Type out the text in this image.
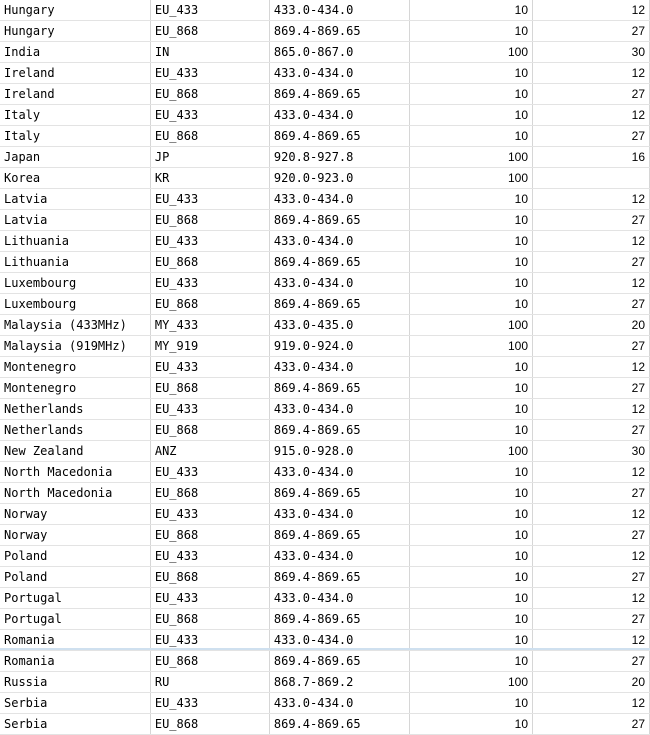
Hungary	EU_433	433.0-434.0	10	12
Hungary	EU_868	869.4-869.65	10	27
India	IN	865.0-867.0	100	30
Ireland	EU_433	433.0-434.0	10	12
Ireland	EU_868	869.4-869.65	10	27
Italy	EU_433	433.0-434.0	10	12
Italy	EU_868	869.4-869.65	10	27
Japan	JP	920.8-927.8	100	16
Korea	KR	920.0-923.0	100	
Latvia	EU_433	433.0-434.0	10	12
Latvia	EU_868	869.4-869.65	10	27
Lithuania	EU_433	433.0-434.0	10	12
Lithuania	EU_868	869.4-869.65	10	27
Luxembourg	EU_433	433.0-434.0	10	12
Luxembourg	EU_868	869.4-869.65	10	27
Malaysia (433MHz)	MY_433	433.0-435.0	100	20
Malaysia (919MHz)	MY_919	919.0-924.0	100	27
Montenegro	EU_433	433.0-434.0	10	12
Montenegro	EU_868	869.4-869.65	10	27
Netherlands	EU_433	433.0-434.0	10	12
Netherlands	EU_868	869.4-869.65	10	27
New Zealand	ANZ	915.0-928.0	100	30
North Macedonia	EU_433	433.0-434.0	10	12
North Macedonia	EU_868	869.4-869.65	10	27
Norway	EU_433	433.0-434.0	10	12
Norway	EU_868	869.4-869.65	10	27
Poland	EU_433	433.0-434.0	10	12
Poland	EU_868	869.4-869.65	10	27
Portugal	EU_433	433.0-434.0	10	12
Portugal	EU_868	869.4-869.65	10	27
Romania	EU_433	433.0-434.0	10	12
Romania	EU_868	869.4-869.65	10	27
Russia	RU	868.7-869.2	100	20
Serbia	EU_433	433.0-434.0	10	12
Serbia	EU_868	869.4-869.65	10	27
